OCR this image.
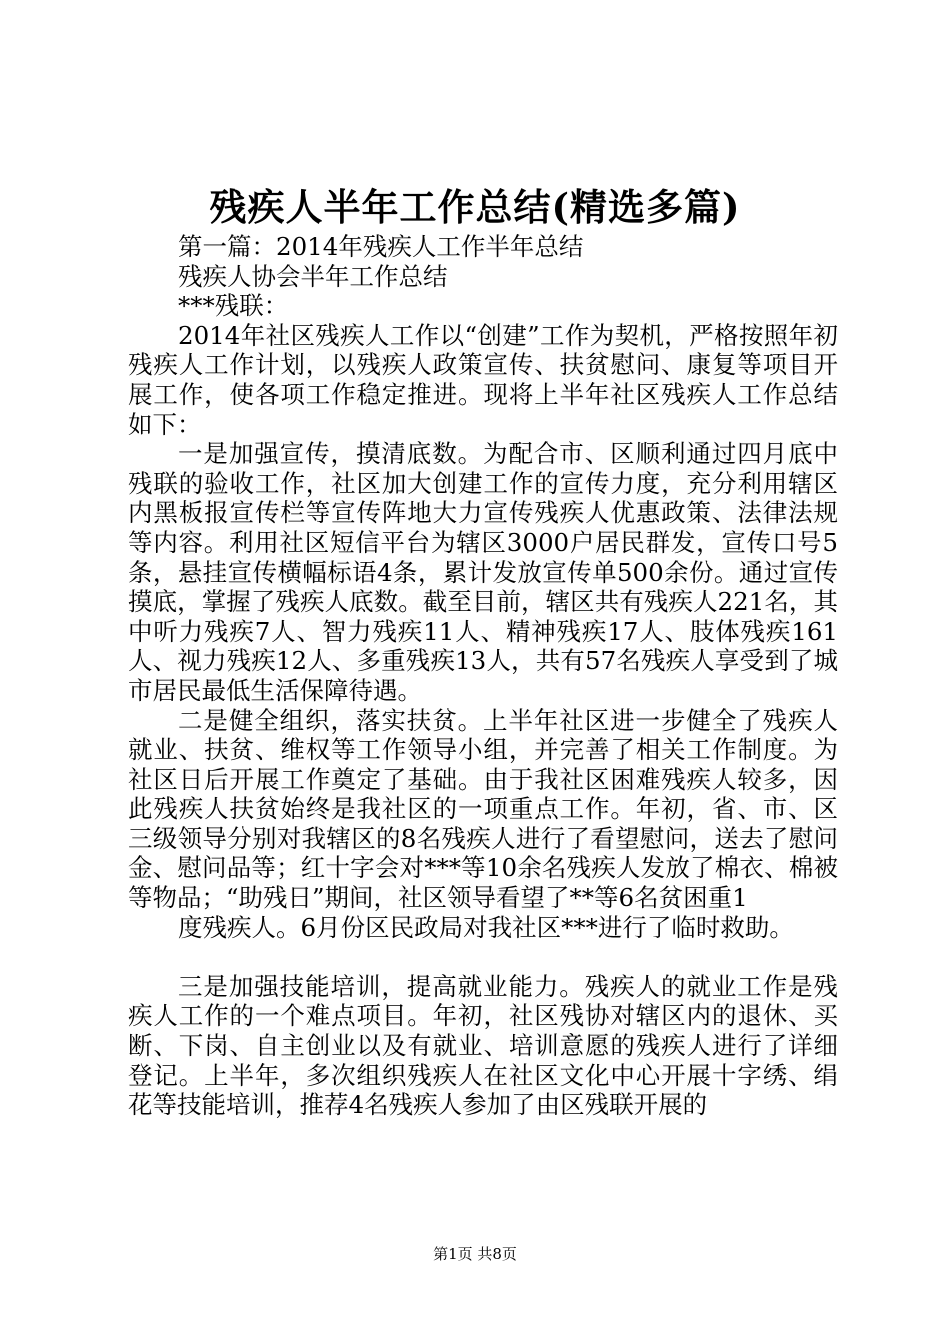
残疾人半年工作总结(精选多篇)

第一篇：2014年残疾人工作半年总结

残疾人协会半年工作总结

***残联：

2014年社区残疾人工作以“创建”工作为契机，严格按照年初残疾人工作计划，以残疾人政策宣传、扶贫慰问、康复等项目开展工作，使各项工作稳定推进。现将上半年社区残疾人工作总结如下：

一是加强宣传，摸清底数。为配合市、区顺利通过四月底中残联的验收工作，社区加大创建工作的宣传力度，充分利用辖区内黑板报宣传栏等宣传阵地大力宣传残疾人优惠政策、法律法规等内容。利用社区短信平台为辖区3000户居民群发，宣传口号5条，悬挂宣传横幅标语4条，累计发放宣传单500余份。通过宣传摸底，掌握了残疾人底数。截至目前，辖区共有残疾人221名，其中听力残疾7人、智力残疾11人、精神残疾17人、肢体残疾161人、视力残疾12人、多重残疾13人，共有57名残疾人享受到了城市居民最低生活保障待遇。

二是健全组织，落实扶贫。上半年社区进一步健全了残疾人就业、扶贫、维权等工作领导小组，并完善了相关工作制度。为社区日后开展工作奠定了基础。由于我社区困难残疾人较多，因此残疾人扶贫始终是我社区的一项重点工作。年初，省、市、区三级领导分别对我辖区的8名残疾人进行了看望慰问，送去了慰问金、慰问品等；红十字会对***等10余名残疾人发放了棉衣、棉被等物品；“助残日”期间，社区领导看望了**等6名贫困重1

度残疾人。6月份区民政局对我社区***进行了临时救助。

三是加强技能培训，提高就业能力。残疾人的就业工作是残疾人工作的一个难点项目。年初，社区残协对辖区内的退休、买断、下岗、自主创业以及有就业、培训意愿的残疾人进行了详细登记。上半年，多次组织残疾人在社区文化中心开展十字绣、绢花等技能培训，推荐4名残疾人参加了由区残联开展的

第1页 共8页
